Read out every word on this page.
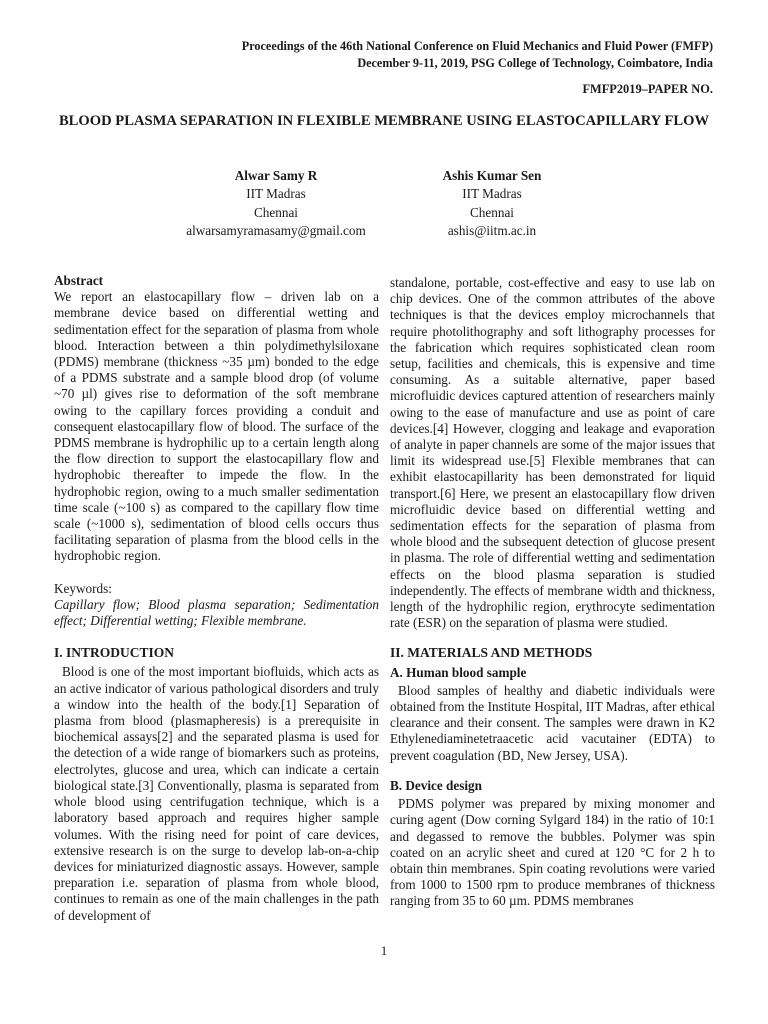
Proceedings of the 46th National Conference on Fluid Mechanics and Fluid Power (FMFP)
December 9-11, 2019, PSG College of Technology, Coimbatore, India
FMFP2019–PAPER NO.
BLOOD PLASMA SEPARATION IN FLEXIBLE MEMBRANE USING ELASTOCAPILLARY FLOW
Alwar Samy R
IIT Madras
Chennai
alwarsamyramasamy@gmail.com
Ashis Kumar Sen
IIT Madras
Chennai
ashis@iitm.ac.in

Abstract

We report an elastocapillary flow – driven lab on a membrane device based on differential wetting and sedimentation effect for the separation of plasma from whole blood. Interaction between a thin polydimethylsiloxane (PDMS) membrane (thickness ~35 µm) bonded to the edge of a PDMS substrate and a sample blood drop (of volume ~70 µl) gives rise to deformation of the soft membrane owing to the capillary forces providing a conduit and consequent elastocapillary flow of blood. The surface of the PDMS membrane is hydrophilic up to a certain length along the flow direction to support the elastocapillary flow and hydrophobic thereafter to impede the flow. In the hydrophobic region, owing to a much smaller sedimentation time scale (~100 s) as compared to the capillary flow time scale (~1000 s), sedimentation of blood cells occurs thus facilitating separation of plasma from the blood cells in the hydrophobic region.

Keywords:

Capillary flow; Blood plasma separation; Sedimentation effect; Differential wetting; Flexible membrane.

I. INTRODUCTION

Blood is one of the most important biofluids, which acts as an active indicator of various pathological disorders and truly a window into the health of the body.[1] Separation of plasma from blood (plasmapheresis) is a prerequisite in biochemical assays[2] and the separated plasma is used for the detection of a wide range of biomarkers such as proteins, electrolytes, glucose and urea, which can indicate a certain biological state.[3] Conventionally, plasma is separated from whole blood using centrifugation technique, which is a laboratory based approach and requires higher sample volumes. With the rising need for point of care devices, extensive research is on the surge to develop lab-on-a-chip devices for miniaturized diagnostic assays. However, sample preparation i.e. separation of plasma from whole blood, continues to remain as one of the main challenges in the path of development of

standalone, portable, cost-effective and easy to use lab on chip devices. One of the common attributes of the above techniques is that the devices employ microchannels that require photolithography and soft lithography processes for the fabrication which requires sophisticated clean room setup, facilities and chemicals, this is expensive and time consuming. As a suitable alternative, paper based microfluidic devices captured attention of researchers mainly owing to the ease of manufacture and use as point of care devices.[4] However, clogging and leakage and evaporation of analyte in paper channels are some of the major issues that limit its widespread use.[5] Flexible membranes that can exhibit elastocapillarity has been demonstrated for liquid transport.[6] Here, we present an elastocapillary flow driven microfluidic device based on differential wetting and sedimentation effects for the separation of plasma from whole blood and the subsequent detection of glucose present in plasma. The role of differential wetting and sedimentation effects on the blood plasma separation is studied independently. The effects of membrane width and thickness, length of the hydrophilic region, erythrocyte sedimentation rate (ESR) on the separation of plasma were studied.

II. MATERIALS AND METHODS

A. Human blood sample

Blood samples of healthy and diabetic individuals were obtained from the Institute Hospital, IIT Madras, after ethical clearance and their consent. The samples were drawn in K2 Ethylenediaminetetraacetic acid vacutainer (EDTA) to prevent coagulation (BD, New Jersey, USA).

B. Device design

PDMS polymer was prepared by mixing monomer and curing agent (Dow corning Sylgard 184) in the ratio of 10:1 and degassed to remove the bubbles. Polymer was spin coated on an acrylic sheet and cured at 120 °C for 2 h to obtain thin membranes. Spin coating revolutions were varied from 1000 to 1500 rpm to produce membranes of thickness ranging from 35 to 60 µm. PDMS membranes

1
